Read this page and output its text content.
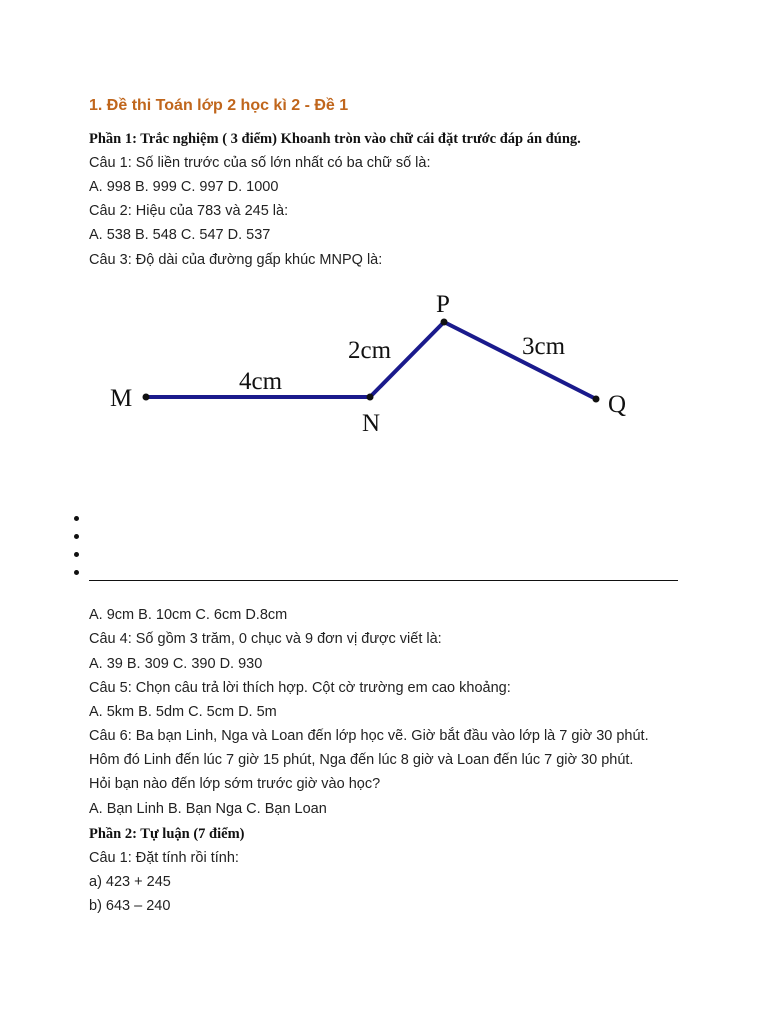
1. Đề thi Toán lớp 2 học kì 2 - Đề 1

Phần 1: Trắc nghiệm ( 3 điểm) Khoanh tròn vào chữ cái đặt trước đáp án đúng.

Câu 1: Số liền trước của số lớn nhất có ba chữ số là:

A. 998 B. 999 C. 997 D. 1000

Câu 2: Hiệu của 783 và 245 là:

A. 538 B. 548 C. 547 D. 537

Câu 3: Độ dài của đường gấp khúc MNPQ là:

M
N
P
Q
4cm
2cm	3cm

A. 9cm B. 10cm C. 6cm D.8cm

Câu 4: Số gồm 3 trăm, 0 chục và 9 đơn vị được viết là:

A. 39 B. 309 C. 390 D. 930

Câu 5: Chọn câu trả lời thích hợp. Cột cờ trường em cao khoảng:

A. 5km B. 5dm C. 5cm D. 5m

Câu 6: Ba bạn Linh, Nga và Loan đến lớp học vẽ. Giờ bắt đầu vào lớp là 7 giờ 30 phút.

Hôm đó Linh đến lúc 7 giờ 15 phút, Nga đến lúc 8 giờ và Loan đến lúc 7 giờ 30 phút.

Hỏi bạn nào đến lớp sớm trước giờ vào học?

A. Bạn Linh B. Bạn Nga C. Bạn Loan

Phần 2: Tự luận (7 điểm)

Câu 1: Đặt tính rồi tính:

a) 423 + 245

b) 643 – 240
